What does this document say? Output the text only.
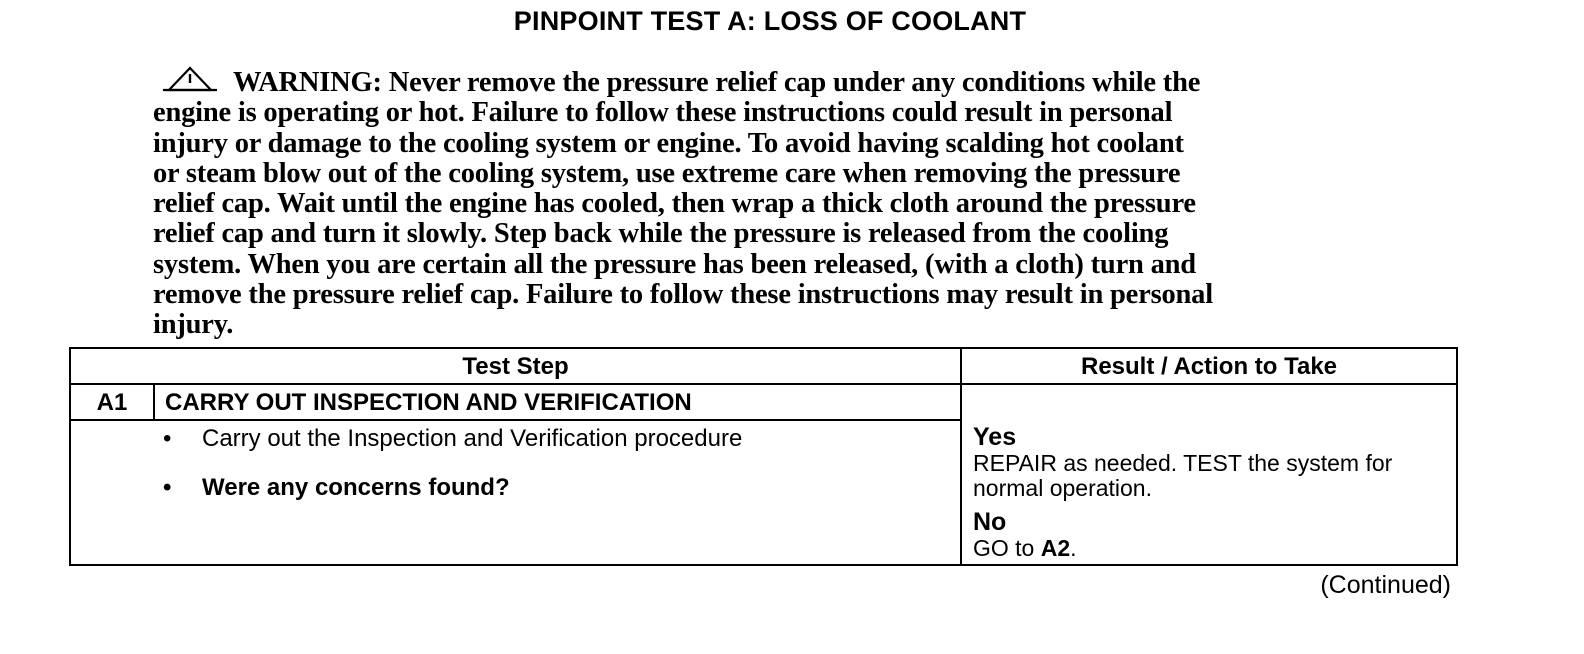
PINPOINT TEST A: LOSS OF COOLANT
WARNING: Never remove the pressure relief cap under any conditions while the
engine is operating or hot. Failure to follow these instructions could result in personal
injury or damage to the cooling system or engine. To avoid having scalding hot coolant
or steam blow out of the cooling system, use extreme care when removing the pressure
relief cap. Wait until the engine has cooled, then wrap a thick cloth around the pressure
relief cap and turn it slowly. Step back while the pressure is released from the cooling
system. When you are certain all the pressure has been released, (with a cloth) turn and
remove the pressure relief cap. Failure to follow these instructions may result in personal
injury.
Test Step	Result / Action to Take
A1	CARRY OUT INSPECTION AND VERIFICATION
• Carry out the Inspection and Verification procedure
• Were any concerns found?
Yes
REPAIR as needed. TEST the system for
normal operation.
No
GO to A2.
(Continued)
